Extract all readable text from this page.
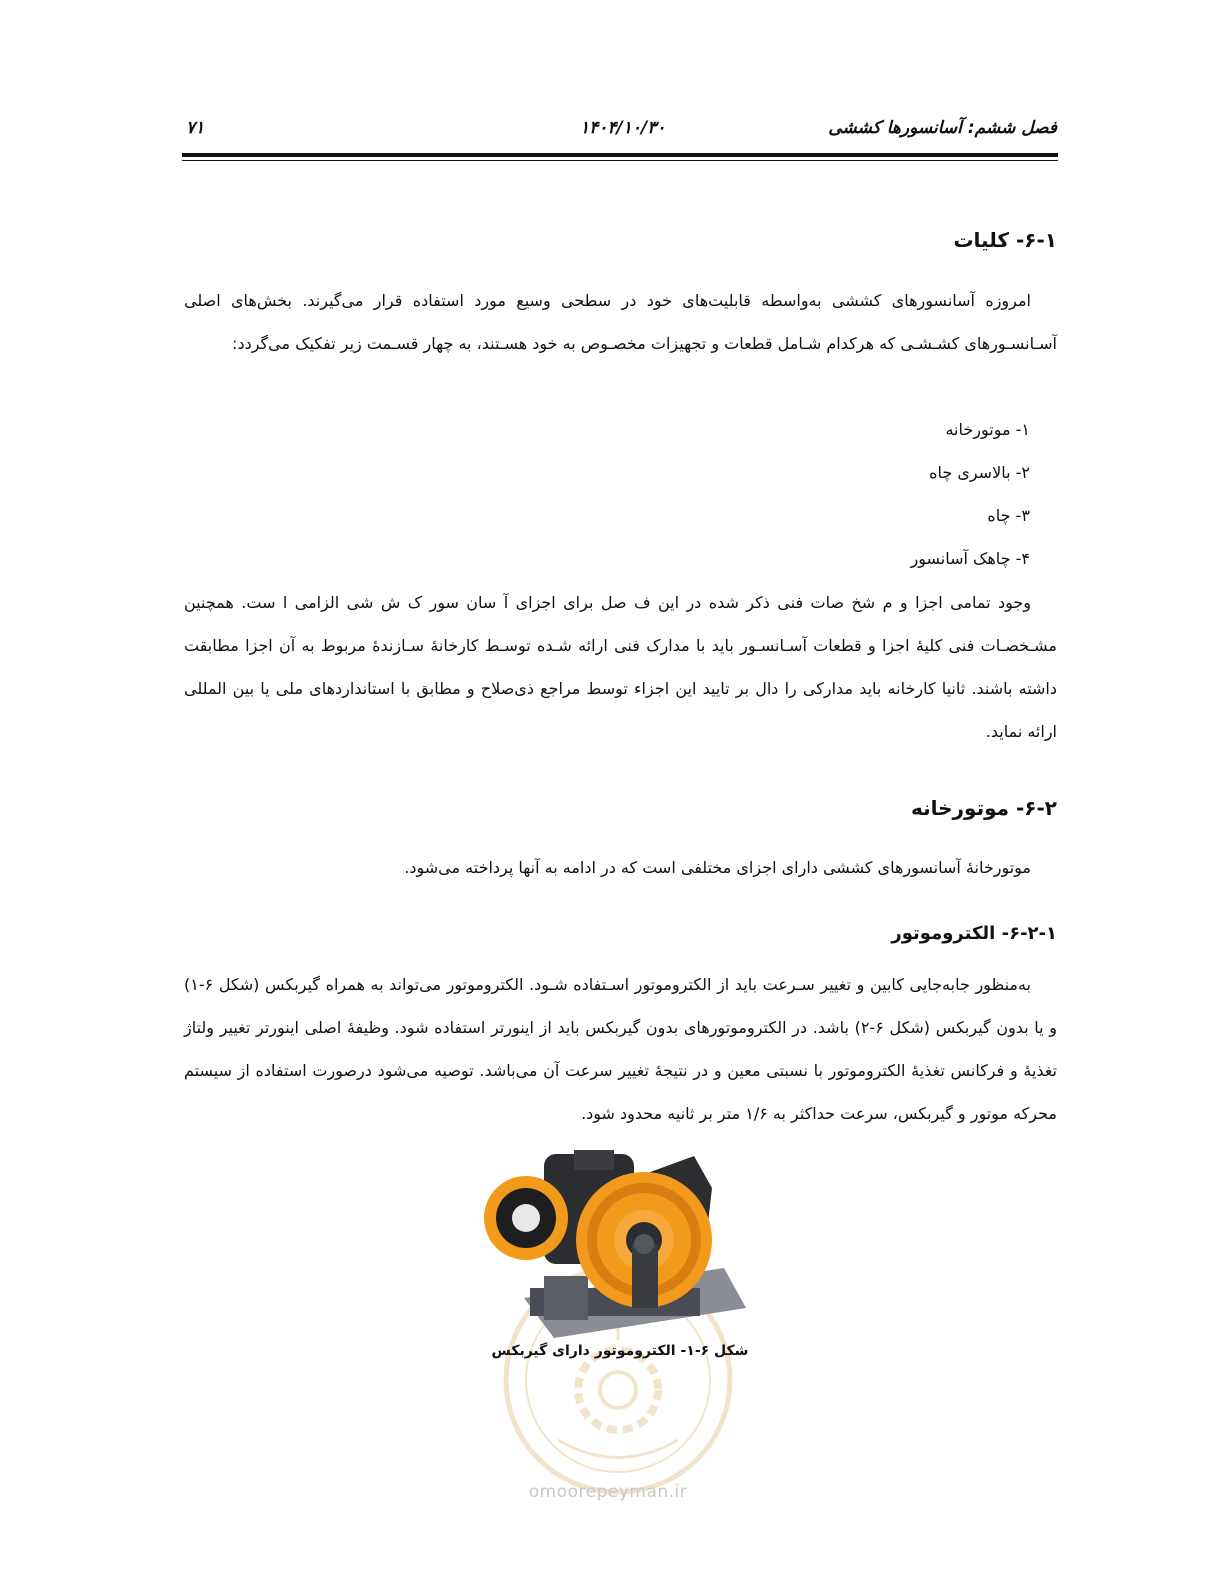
فصل ششم: آسانسورها کششی
۱۴۰۴/۱۰/۳۰
۷۱
۶-۱- کلیات
امروزه آسانسورهای کششی به‌واسطه قابلیت‌های خود در سطحی وسیع مورد استفاده قرار می‌گیرند. بخش‌های اصلی آسـانسـورهای کشـشـی که هرکدام شـامل قطعات و تجهیزات مخصـوص به خود هسـتند، به چهار قسـمت زیر تفکیک می‌گردد:
۱- موتورخانه
۲- بالاسری چاه
۳- چاه
۴- چاهک آسانسور
وجود تمامی اجزا و م شخ صات فنی ذکر شده در این ف صل برای اجزای آ سان سور ک ش شی الزامی ا ست. همچنین مشـخصـات فنی کلیهٔ اجزا و قطعات آسـانسـور باید با مدارک فنی ارائه شـده توسـط کارخانهٔ سـازندهٔ مربوط به آن اجزا مطابقت داشته باشند. ثانیا کارخانه باید مدارکی را دال بر تایید این اجزاء توسط مراجع ذی‌صلاح و مطابق با استانداردهای ملی یا بین المللی ارائه نماید.
۶-۲- موتورخانه
موتورخانهٔ آسانسورهای کششی دارای اجزای مختلفی است که در ادامه به آنها پرداخته می‌شود.
۶-۲-۱- الکتروموتور
به‌منظور جابه‌جایی کابین و تغییر سـرعت باید از الکتروموتور اسـتفاده شـود. الکتروموتور می‌تواند به همراه گیربکس (شکل ۶-۱) و یا بدون گیربکس (شکل ۶-۲) باشد. در الکتروموتورهای بدون گیربکس باید از اینورتر استفاده شود. وظیفهٔ اصلی اینورتر تغییر ولتاژ تغذیهٔ و فرکانس تغذیهٔ الکتروموتور با نسبتی معین و در نتیجهٔ تغییر سرعت آن می‌باشد. توصیه می‌شود درصورت استفاده از سیستم محرکه موتور و گیربکس، سرعت حداکثر به ۱/۶ متر بر ثانیه محدود شود.
شکل ۶-۱- الکتروموتور دارای گیربکس
omoorepeyman.ir
